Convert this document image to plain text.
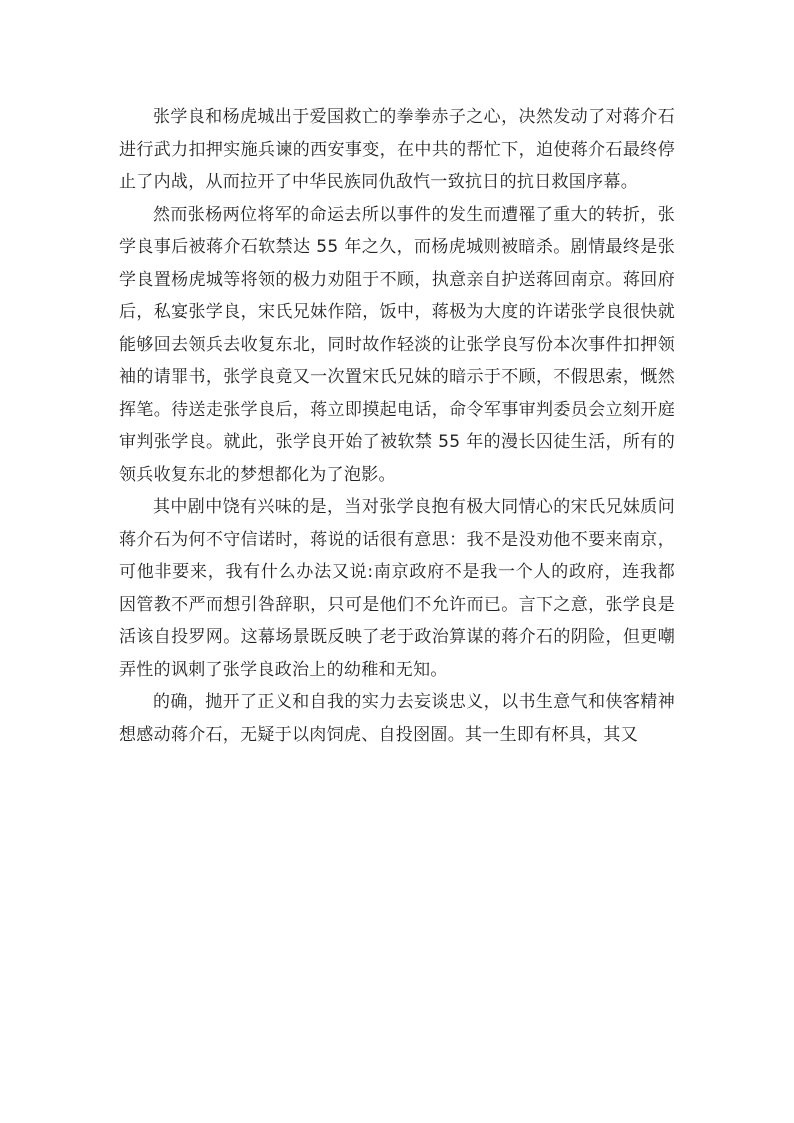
张学良和杨虎城出于爱国救亡的拳拳赤子之心，决然发动了对蒋介石进行武力扣押实施兵谏的西安事变，在中共的帮忙下，迫使蒋介石最终停止了内战，从而拉开了中华民族同仇敌忾一致抗日的抗日救国序幕。

然而张杨两位将军的命运去所以事件的发生而遭罹了重大的转折，张学良事后被蒋介石软禁达 55 年之久，而杨虎城则被暗杀。剧情最终是张学良置杨虎城等将领的极力劝阻于不顾，执意亲自护送蒋回南京。蒋回府后，私宴张学良，宋氏兄妹作陪，饭中，蒋极为大度的许诺张学良很快就能够回去领兵去收复东北，同时故作轻淡的让张学良写份本次事件扣押领袖的请罪书，张学良竟又一次置宋氏兄妹的暗示于不顾，不假思索，慨然挥笔。待送走张学良后，蒋立即摸起电话，命令军事审判委员会立刻开庭审判张学良。就此，张学良开始了被软禁 55 年的漫长囚徒生活，所有的领兵收复东北的梦想都化为了泡影。

其中剧中饶有兴味的是，当对张学良抱有极大同情心的宋氏兄妹质问蒋介石为何不守信诺时，蒋说的话很有意思：我不是没劝他不要来南京，可他非要来，我有什么办法又说:南京政府不是我一个人的政府，连我都因管教不严而想引咎辞职，只可是他们不允许而已。言下之意，张学良是活该自投罗网。这幕场景既反映了老于政治算谋的蒋介石的阴险，但更嘲弄性的讽刺了张学良政治上的幼稚和无知。

的确，抛开了正义和自我的实力去妄谈忠义，以书生意气和侠客精神想感动蒋介石，无疑于以肉饲虎、自投囹圄。其一生即有杯具，其又
